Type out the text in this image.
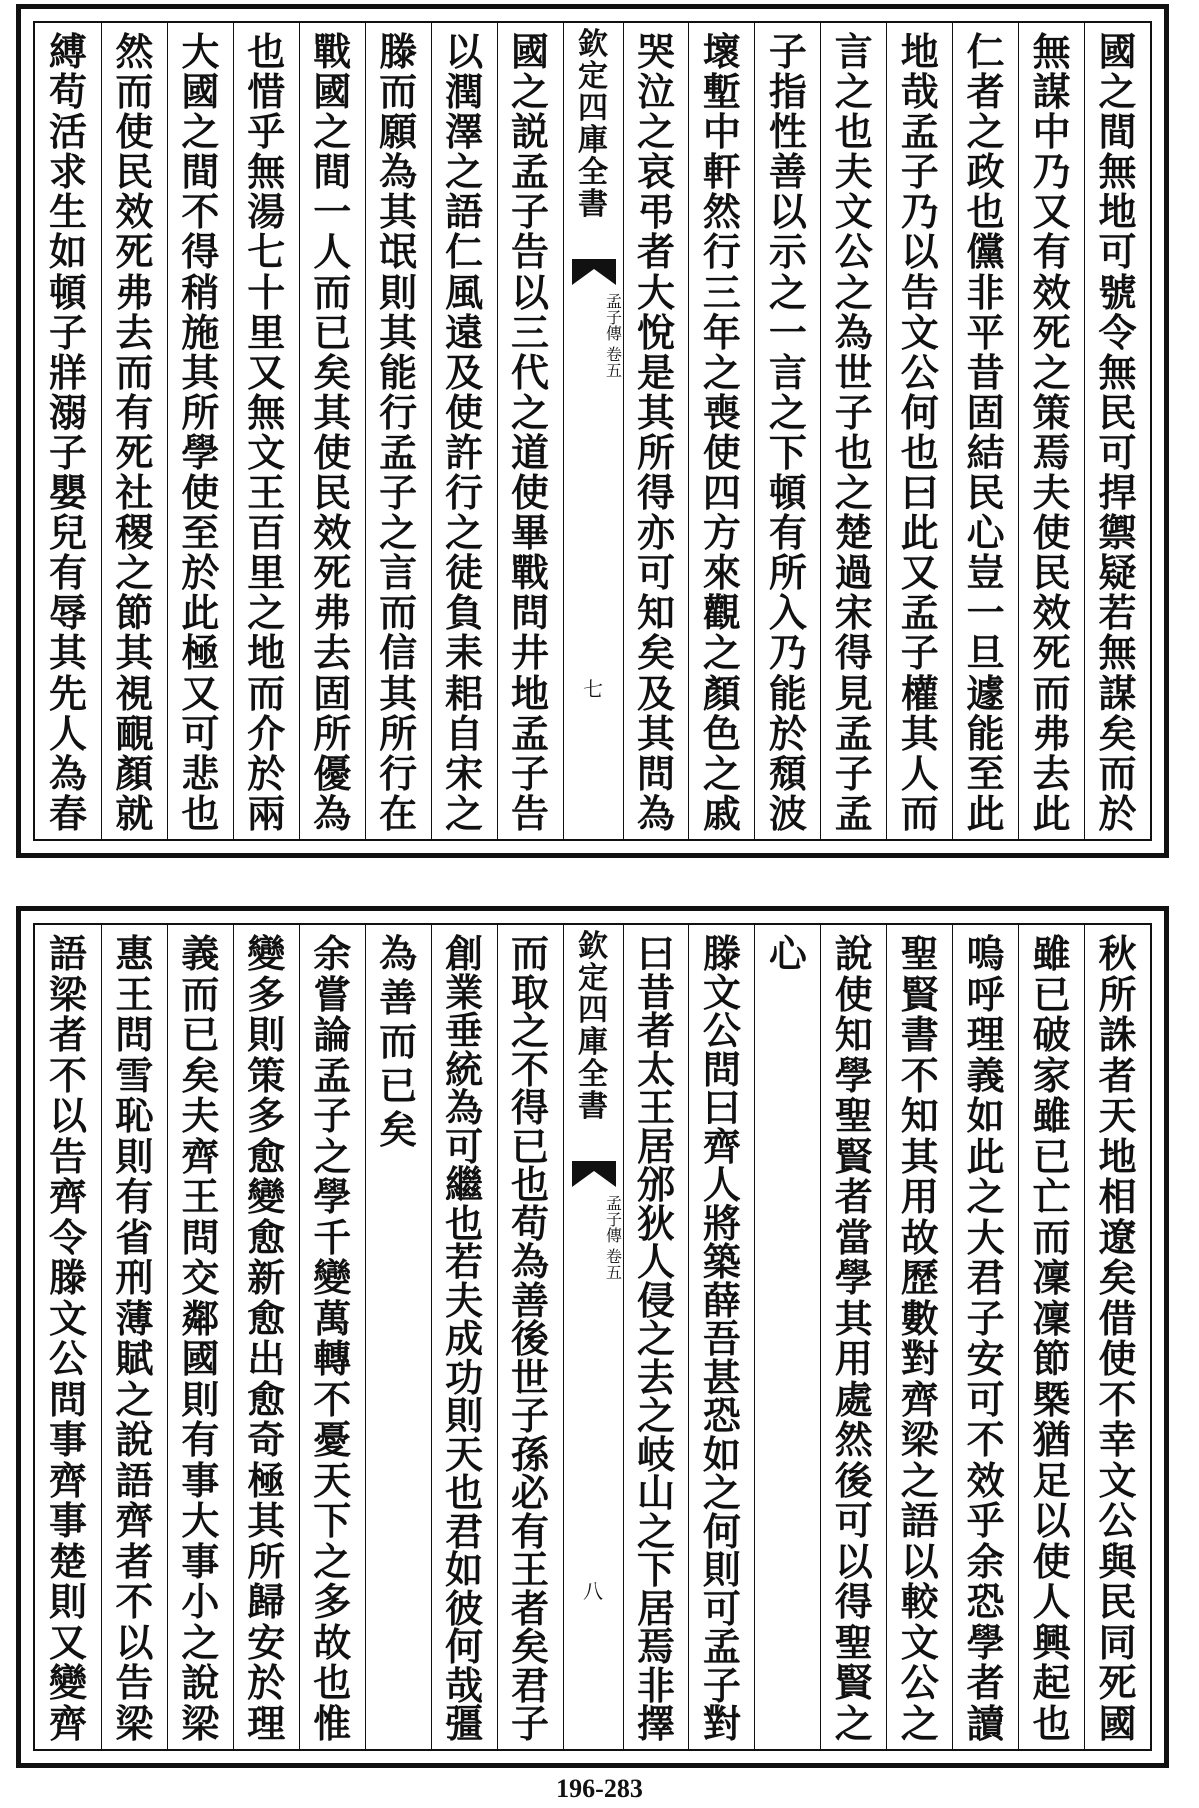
國
之
間
無
地
可
號
令
無
民
可
捍
禦
疑
若
無
謀
矣
而
於
無
謀
中
乃
又
有
效
死
之
策
焉
夫
使
民
效
死
而
弗
去
此
仁
者
之
政
也
儻
非
平
昔
固
結
民
心
豈
一
旦
遽
能
至
此
地
哉
孟
子
乃
以
告
文
公
何
也
曰
此
又
孟
子
權
其
人
而
言
之
也
夫
文
公
之
為
世
子
也
之
楚
過
宋
得
見
孟
子
孟
子
指
性
善
以
示
之
一
言
之
下
頓
有
所
入
乃
能
於
頹
波
壞
塹
中
軒
然
行
三
年
之
喪
使
四
方
來
觀
之
顏
色
之
戚
哭
泣
之
哀
弔
者
大
悅
是
其
所
得
亦
可
知
矣
及
其
問
為
欽
定
四
庫
全
書
孟子傳 卷五
七
國
之
説
孟
子
告
以
三
代
之
道
使
畢
戰
問
井
地
孟
子
告
以
潤
澤
之
語
仁
風
遠
及
使
許
行
之
徒
負
耒
耜
自
宋
之
滕
而
願
為
其
氓
則
其
能
行
孟
子
之
言
而
信
其
所
行
在
戰
國
之
間
一
人
而
已
矣
其
使
民
效
死
弗
去
固
所
優
為
也
惜
乎
無
湯
七
十
里
又
無
文
王
百
里
之
地
而
介
於
兩
大
國
之
間
不
得
稍
施
其
所
學
使
至
於
此
極
又
可
悲
也
然
而
使
民
效
死
弗
去
而
有
死
社
稷
之
節
其
視
靦
顏
就
縛
苟
活
求
生
如
頓
子
牂
溺
子
嬰
兒
有
辱
其
先
人
為
春
秋
所
誅
者
天
地
相
遼
矣
借
使
不
幸
文
公
與
民
同
死
國
雖
已
破
家
雖
已
亡
而
凜
凜
節
槩
猶
足
以
使
人
興
起
也
嗚
呼
理
義
如
此
之
大
君
子
安
可
不
效
乎
余
恐
學
者
讀
聖
賢
書
不
知
其
用
故
歷
數
對
齊
梁
之
語
以
較
文
公
之
說
使
知
學
聖
賢
者
當
學
其
用
處
然
後
可
以
得
聖
賢
之
心
滕
文
公
問
曰
齊
人
將
築
薛
吾
甚
恐
如
之
何
則
可
孟
子
對
曰
昔
者
太
王
居
邠
狄
人
侵
之
去
之
岐
山
之
下
居
焉
非
擇
欽
定
四
庫
全
書
孟子傳 卷五
八
而
取
之
不
得
已
也
苟
為
善
後
世
子
孫
必
有
王
者
矣
君
子
創
業
垂
統
為
可
繼
也
若
夫
成
功
則
天
也
君
如
彼
何
哉
彊
為
善
而
已
矣
余
嘗
論
孟
子
之
學
千
變
萬
轉
不
憂
天
下
之
多
故
也
惟
變
多
則
策
多
愈
變
愈
新
愈
出
愈
奇
極
其
所
歸
安
於
理
義
而
已
矣
夫
齊
王
問
交
鄰
國
則
有
事
大
事
小
之
說
梁
惠
王
問
雪
恥
則
有
省
刑
薄
賦
之
說
語
齊
者
不
以
告
梁
語
梁
者
不
以
告
齊
令
滕
文
公
問
事
齊
事
楚
則
又
變
齊
196-283
